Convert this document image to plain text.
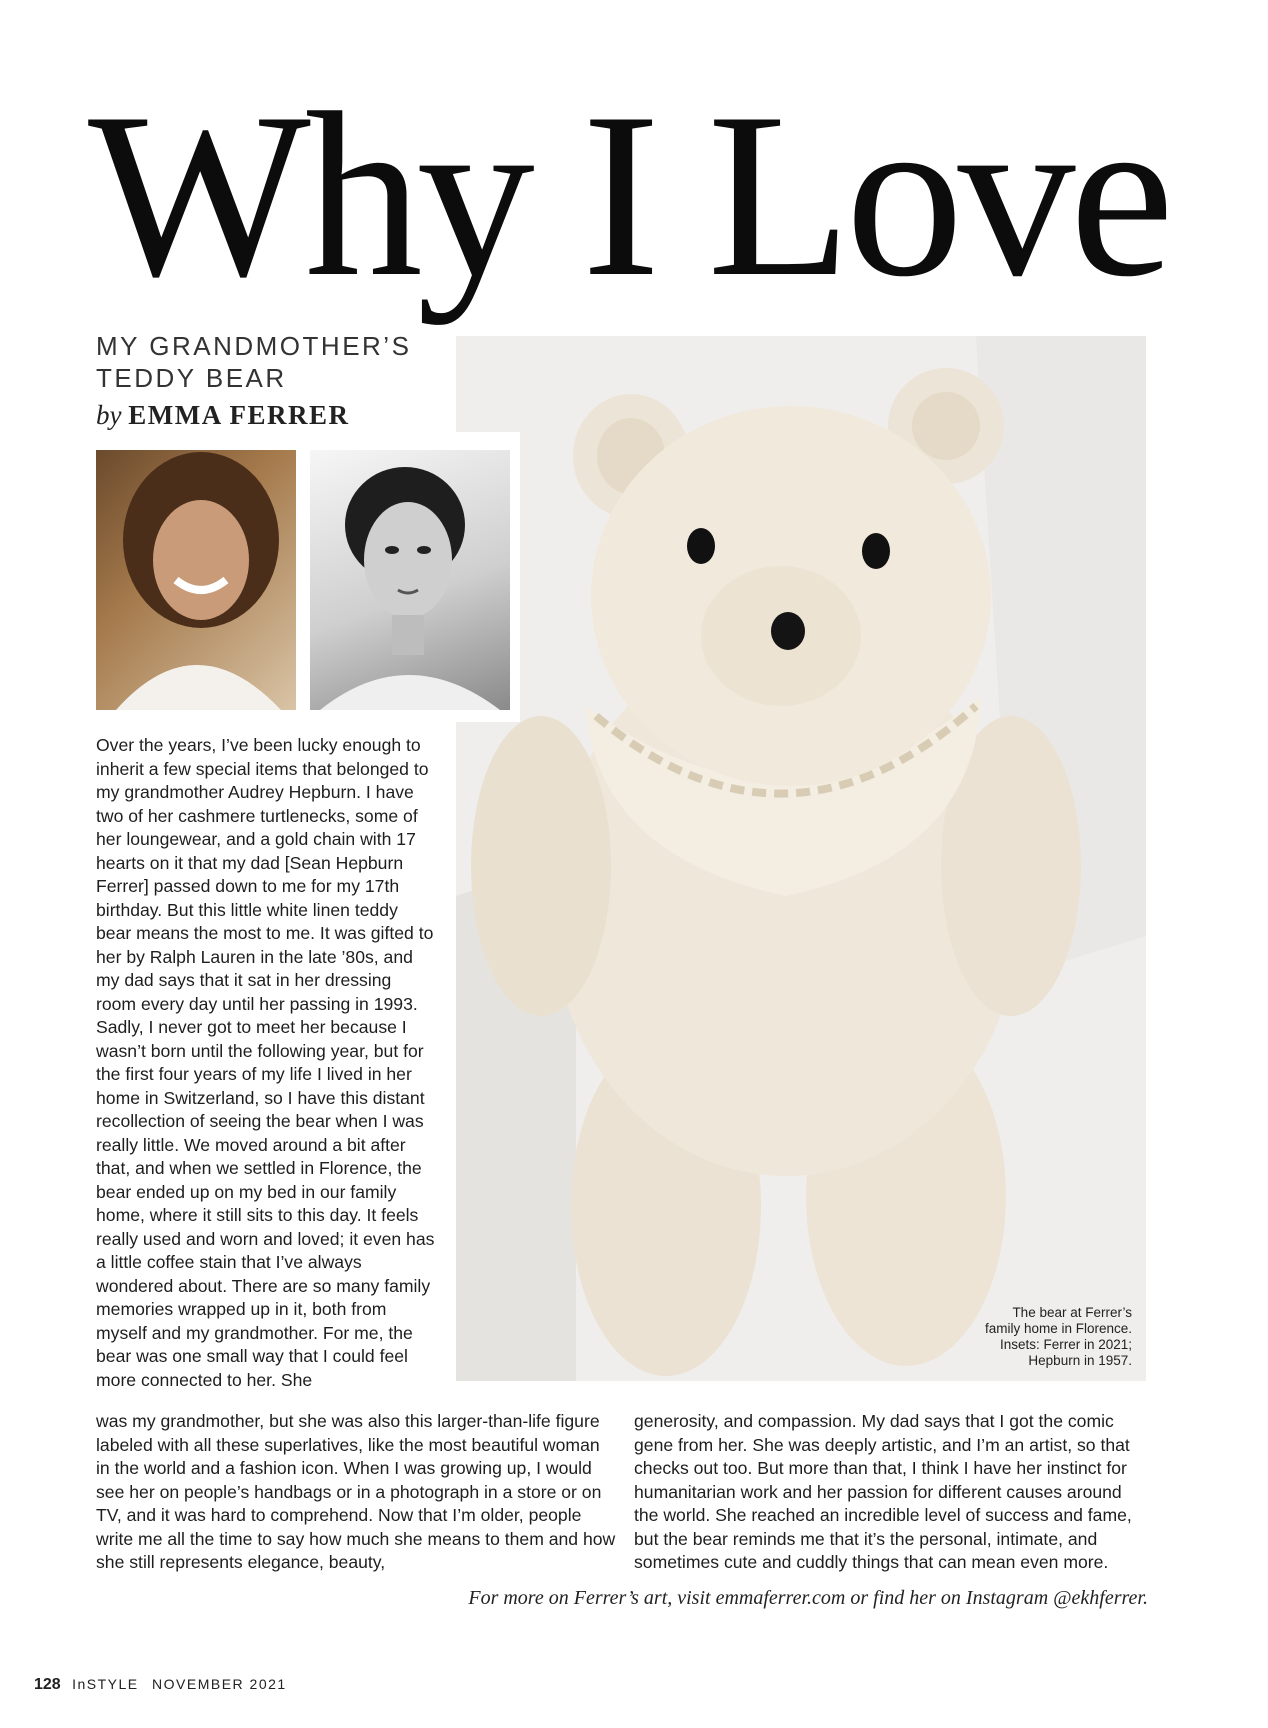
Why I Love
MY GRANDMOTHER’S TEDDY BEAR
by EMMA FERRER
The bear at Ferrer’s family home in Florence. Insets: Ferrer in 2021; Hepburn in 1957.
Over the years, I’ve been lucky enough to inherit a few special items that belonged to my grandmother Audrey Hepburn. I have two of her cashmere turtlenecks, some of her loungewear, and a gold chain with 17 hearts on it that my dad [Sean Hepburn Ferrer] passed down to me for my 17th birthday. But this little white linen teddy bear means the most to me. It was gifted to her by Ralph Lauren in the late ’80s, and my dad says that it sat in her dressing room every day until her passing in 1993. Sadly, I never got to meet her because I wasn’t born until the following year, but for the first four years of my life I lived in her home in Switzerland, so I have this distant recollection of seeing the bear when I was really little. We moved around a bit after that, and when we settled in Florence, the bear ended up on my bed in our family home, where it still sits to this day. It feels really used and worn and loved; it even has a little coffee stain that I’ve always wondered about. There are so many family memories wrapped up in it, both from myself and my grandmother. For me, the bear was one small way that I could feel more connected to her. She
was my grandmother, but she was also this larger-than-life figure labeled with all these superlatives, like the most beautiful woman in the world and a fashion icon. When I was growing up, I would see her on people’s handbags or in a photograph in a store or on TV, and it was hard to comprehend. Now that I’m older, people write me all the time to say how much she means to them and how she still represents elegance, beauty,
generosity, and compassion. My dad says that I got the comic gene from her. She was deeply artistic, and I’m an artist, so that checks out too. But more than that, I think I have her instinct for humanitarian work and her passion for different causes around the world. She reached an incredible level of success and fame, but the bear reminds me that it’s the personal, intimate, and sometimes cute and cuddly things that can mean even more.
For more on Ferrer’s art, visit emmaferrer.com or find her on Instagram @ekhferrer.
128 InSTYLE NOVEMBER 2021
